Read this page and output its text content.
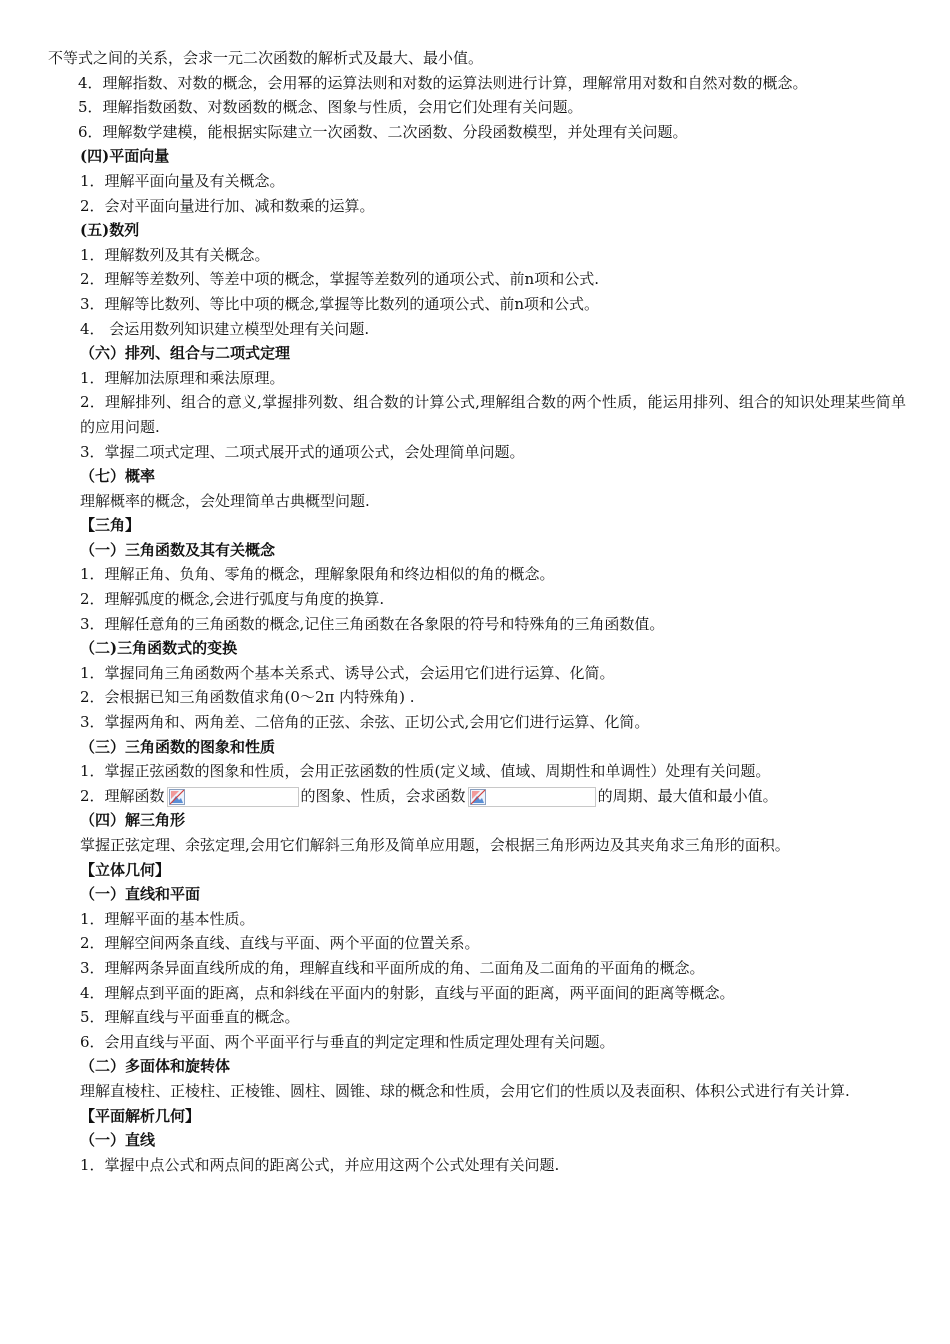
不等式之间的关系，会求一元二次函数的解析式及最大、最小值。
4．理解指数、对数的概念，会用幂的运算法则和对数的运算法则进行计算，理解常用对数和自然对数的概念。
5．理解指数函数、对数函数的概念、图象与性质，会用它们处理有关问题。
6．理解数学建模，能根据实际建立一次函数、二次函数、分段函数模型，并处理有关问题。
(四)平面向量
1．理解平面向量及有关概念。
2．会对平面向量进行加、减和数乘的运算。
(五)数列
1．理解数列及其有关概念。
2．理解等差数列、等差中项的概念，掌握等差数列的通项公式、前n项和公式.
3．理解等比数列、等比中项的概念,掌握等比数列的通项公式、前n项和公式。
4． 会运用数列知识建立模型处理有关问题.
（六）排列、组合与二项式定理
1．理解加法原理和乘法原理。
2．理解排列、组合的意义,掌握排列数、组合数的计算公式,理解组合数的两个性质，能运用排列、组合的知识处理某些简单的应用问题.
3．掌握二项式定理、二项式展开式的通项公式，会处理简单问题。
（七）概率
理解概率的概念，会处理简单古典概型问题.
【三角】
（一）三角函数及其有关概念
1．理解正角、负角、零角的概念，理解象限角和终边相似的角的概念。
2．理解弧度的概念,会进行弧度与角度的换算.
3．理解任意角的三角函数的概念,记住三角函数在各象限的符号和特殊角的三角函数值。
（二)三角函数式的变换
1．掌握同角三角函数两个基本关系式、诱导公式，会运用它们进行运算、化简。
2．会根据已知三角函数值求角(0～2π 内特殊角) .
3．掌握两角和、两角差、二倍角的正弦、余弦、正切公式,会用它们进行运算、化简。
（三）三角函数的图象和性质
1．掌握正弦函数的图象和性质，会用正弦函数的性质(定义域、值域、周期性和单调性）处理有关问题。
2．理解函数	的图象、性质，会求函数	的周期、最大值和最小值。
（四）解三角形
掌握正弦定理、余弦定理,会用它们解斜三角形及简单应用题，会根据三角形两边及其夹角求三角形的面积。
【立体几何】
（一）直线和平面
1．理解平面的基本性质。
2．理解空间两条直线、直线与平面、两个平面的位置关系。
3．理解两条异面直线所成的角，理解直线和平面所成的角、二面角及二面角的平面角的概念。
4．理解点到平面的距离，点和斜线在平面内的射影，直线与平面的距离，两平面间的距离等概念。
5．理解直线与平面垂直的概念。
6．会用直线与平面、两个平面平行与垂直的判定定理和性质定理处理有关问题。
（二）多面体和旋转体
理解直棱柱、正棱柱、正棱锥、圆柱、圆锥、球的概念和性质，会用它们的性质以及表面积、体积公式进行有关计算.
【平面解析几何】
（一）直线
1．掌握中点公式和两点间的距离公式，并应用这两个公式处理有关问题.
